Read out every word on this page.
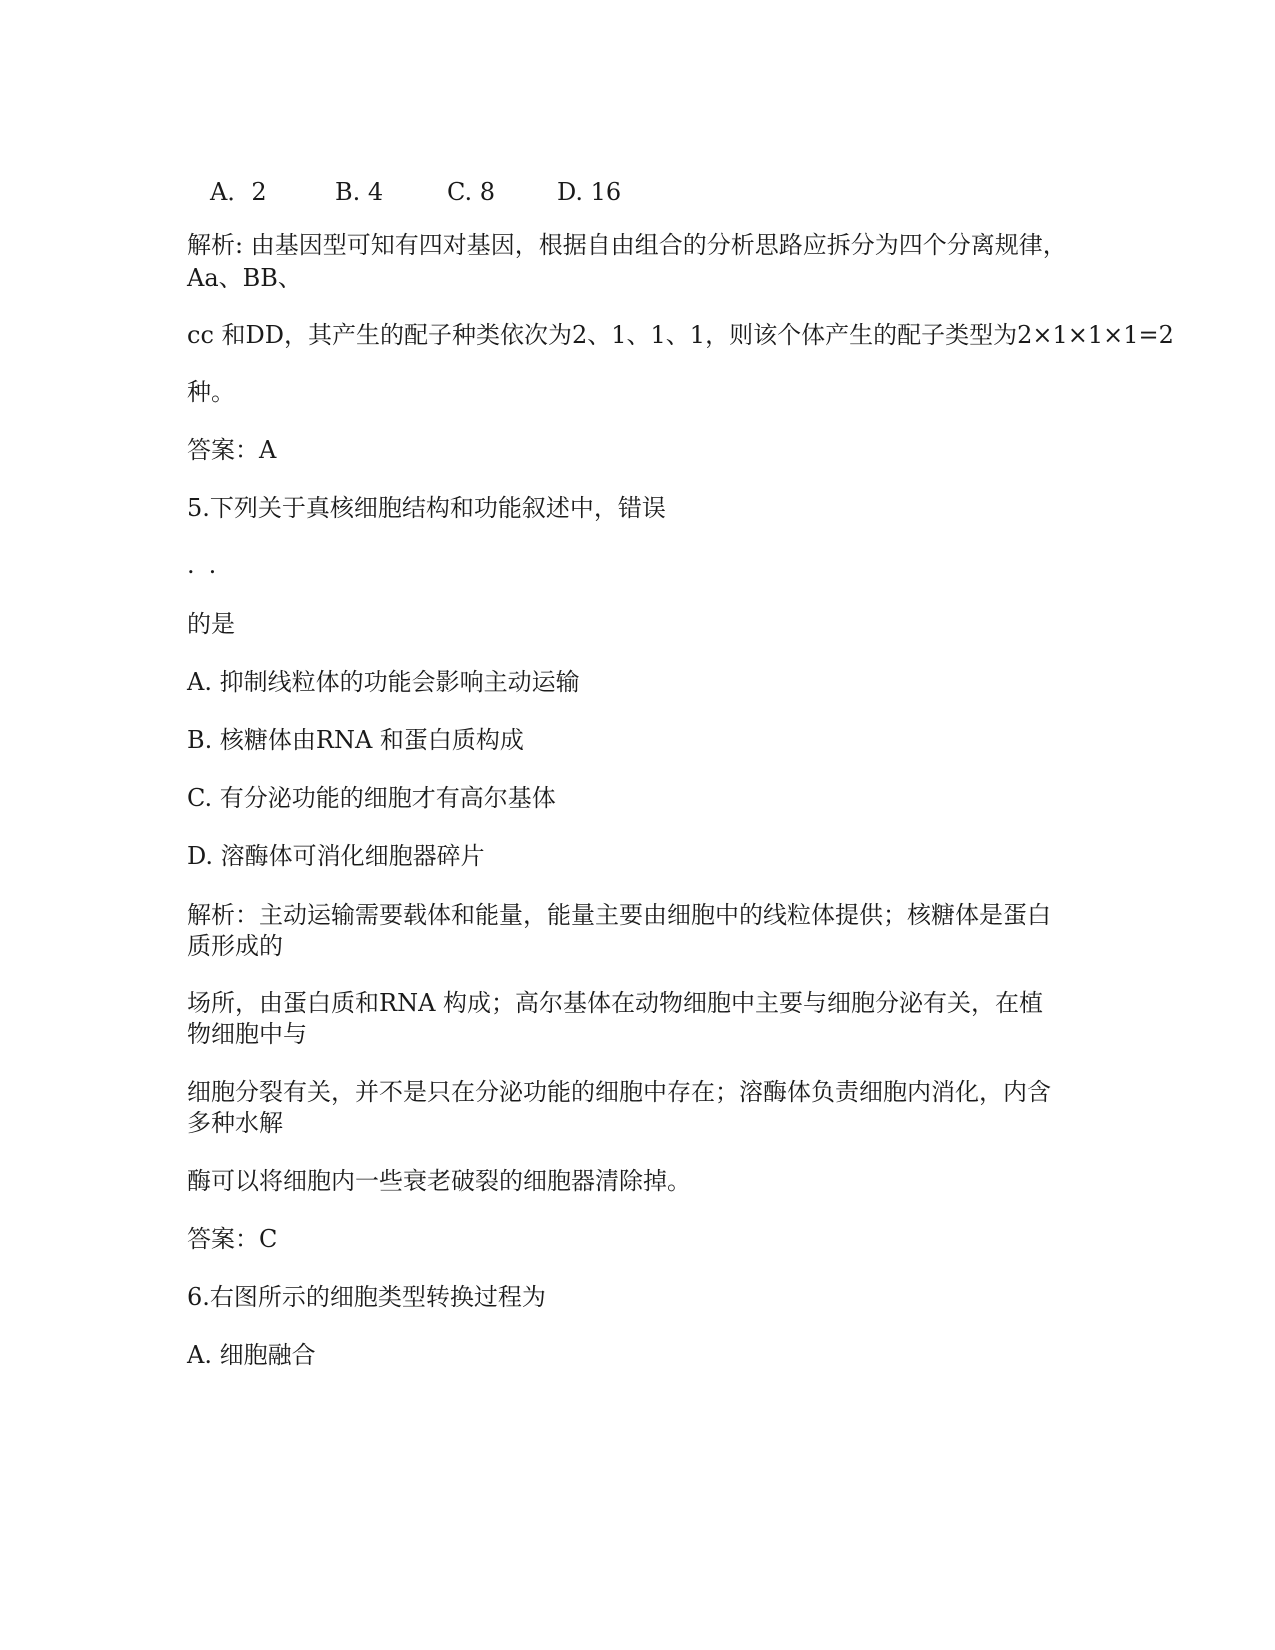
A．2	B. 4	C. 8	D. 16
解析: 由基因型可知有四对基因，根据自由组合的分析思路应拆分为四个分离规律，
Aa、BB、
cc 和DD，其产生的配子种类依次为2、1、1、1，则该个体产生的配子类型为2×1×1×1=2
种。
答案：A
5.下列关于真核细胞结构和功能叙述中，错误
..
的是
A. 抑制线粒体的功能会影响主动运输
B. 核糖体由RNA 和蛋白质构成
C. 有分泌功能的细胞才有高尔基体
D. 溶酶体可消化细胞器碎片
解析：主动运输需要载体和能量，能量主要由细胞中的线粒体提供；核糖体是蛋白
质形成的
场所，由蛋白质和RNA 构成；高尔基体在动物细胞中主要与细胞分泌有关，在植
物细胞中与
细胞分裂有关，并不是只在分泌功能的细胞中存在；溶酶体负责细胞内消化，内含
多种水解
酶可以将细胞内一些衰老破裂的细胞器清除掉。
答案：C
6.右图所示的细胞类型转换过程为
A. 细胞融合
